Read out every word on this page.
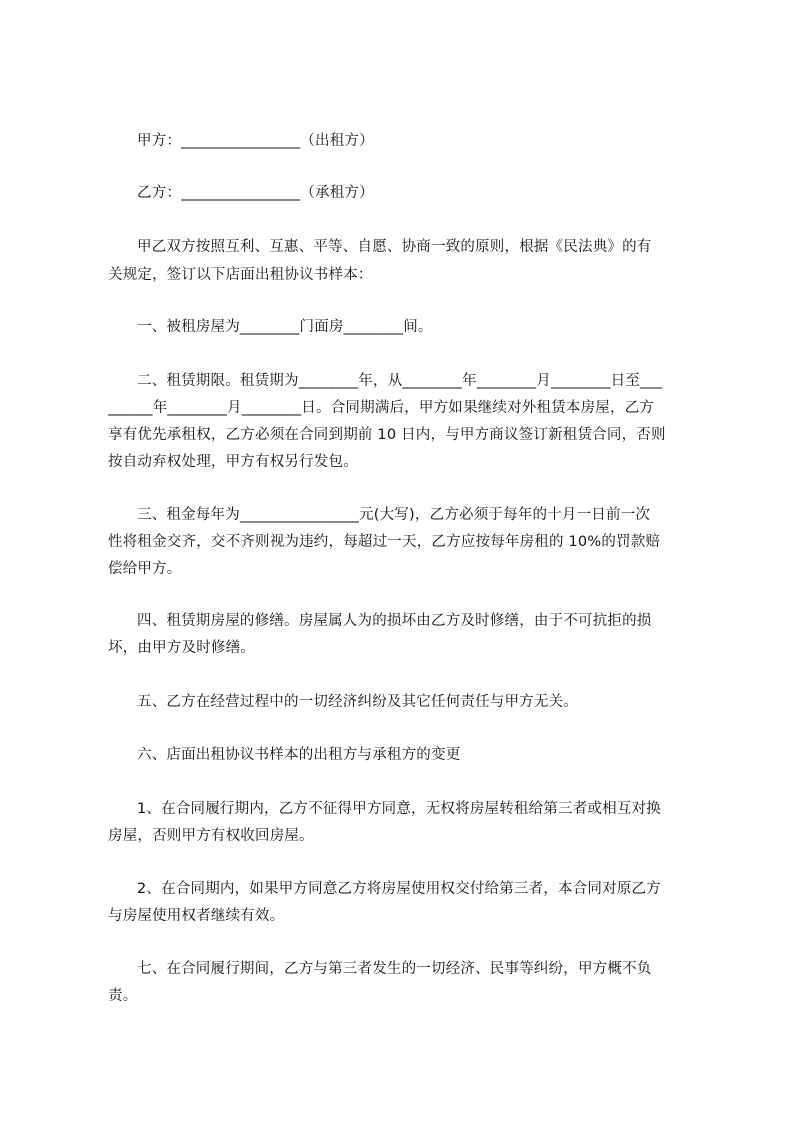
甲方：________________（出租方）

乙方：________________（承租方）

甲乙双方按照互利、互惠、平等、自愿、协商一致的原则，根据《民法典》的有

关规定，签订以下店面出租协议书样本：

一、被租房屋为________门面房________间。

二、租赁期限。租赁期为________年，从________年________月________日至___

______年________月________日。合同期满后，甲方如果继续对外租赁本房屋，乙方

享有优先承租权，乙方必须在合同到期前 10 日内，与甲方商议签订新租赁合同，否则

按自动弃权处理，甲方有权另行发包。

三、租金每年为________________元(大写)，乙方必须于每年的十月一日前一次

性将租金交齐，交不齐则视为违约，每超过一天，乙方应按每年房租的 10%的罚款赔

偿给甲方。

四、租赁期房屋的修缮。房屋属人为的损坏由乙方及时修缮，由于不可抗拒的损

坏，由甲方及时修缮。

五、乙方在经营过程中的一切经济纠纷及其它任何责任与甲方无关。

六、店面出租协议书样本的出租方与承租方的变更

1、在合同履行期内，乙方不征得甲方同意，无权将房屋转租给第三者或相互对换

房屋，否则甲方有权收回房屋。

2、在合同期内，如果甲方同意乙方将房屋使用权交付给第三者，本合同对原乙方

与房屋使用权者继续有效。

七、在合同履行期间，乙方与第三者发生的一切经济、民事等纠纷，甲方概不负

责。
